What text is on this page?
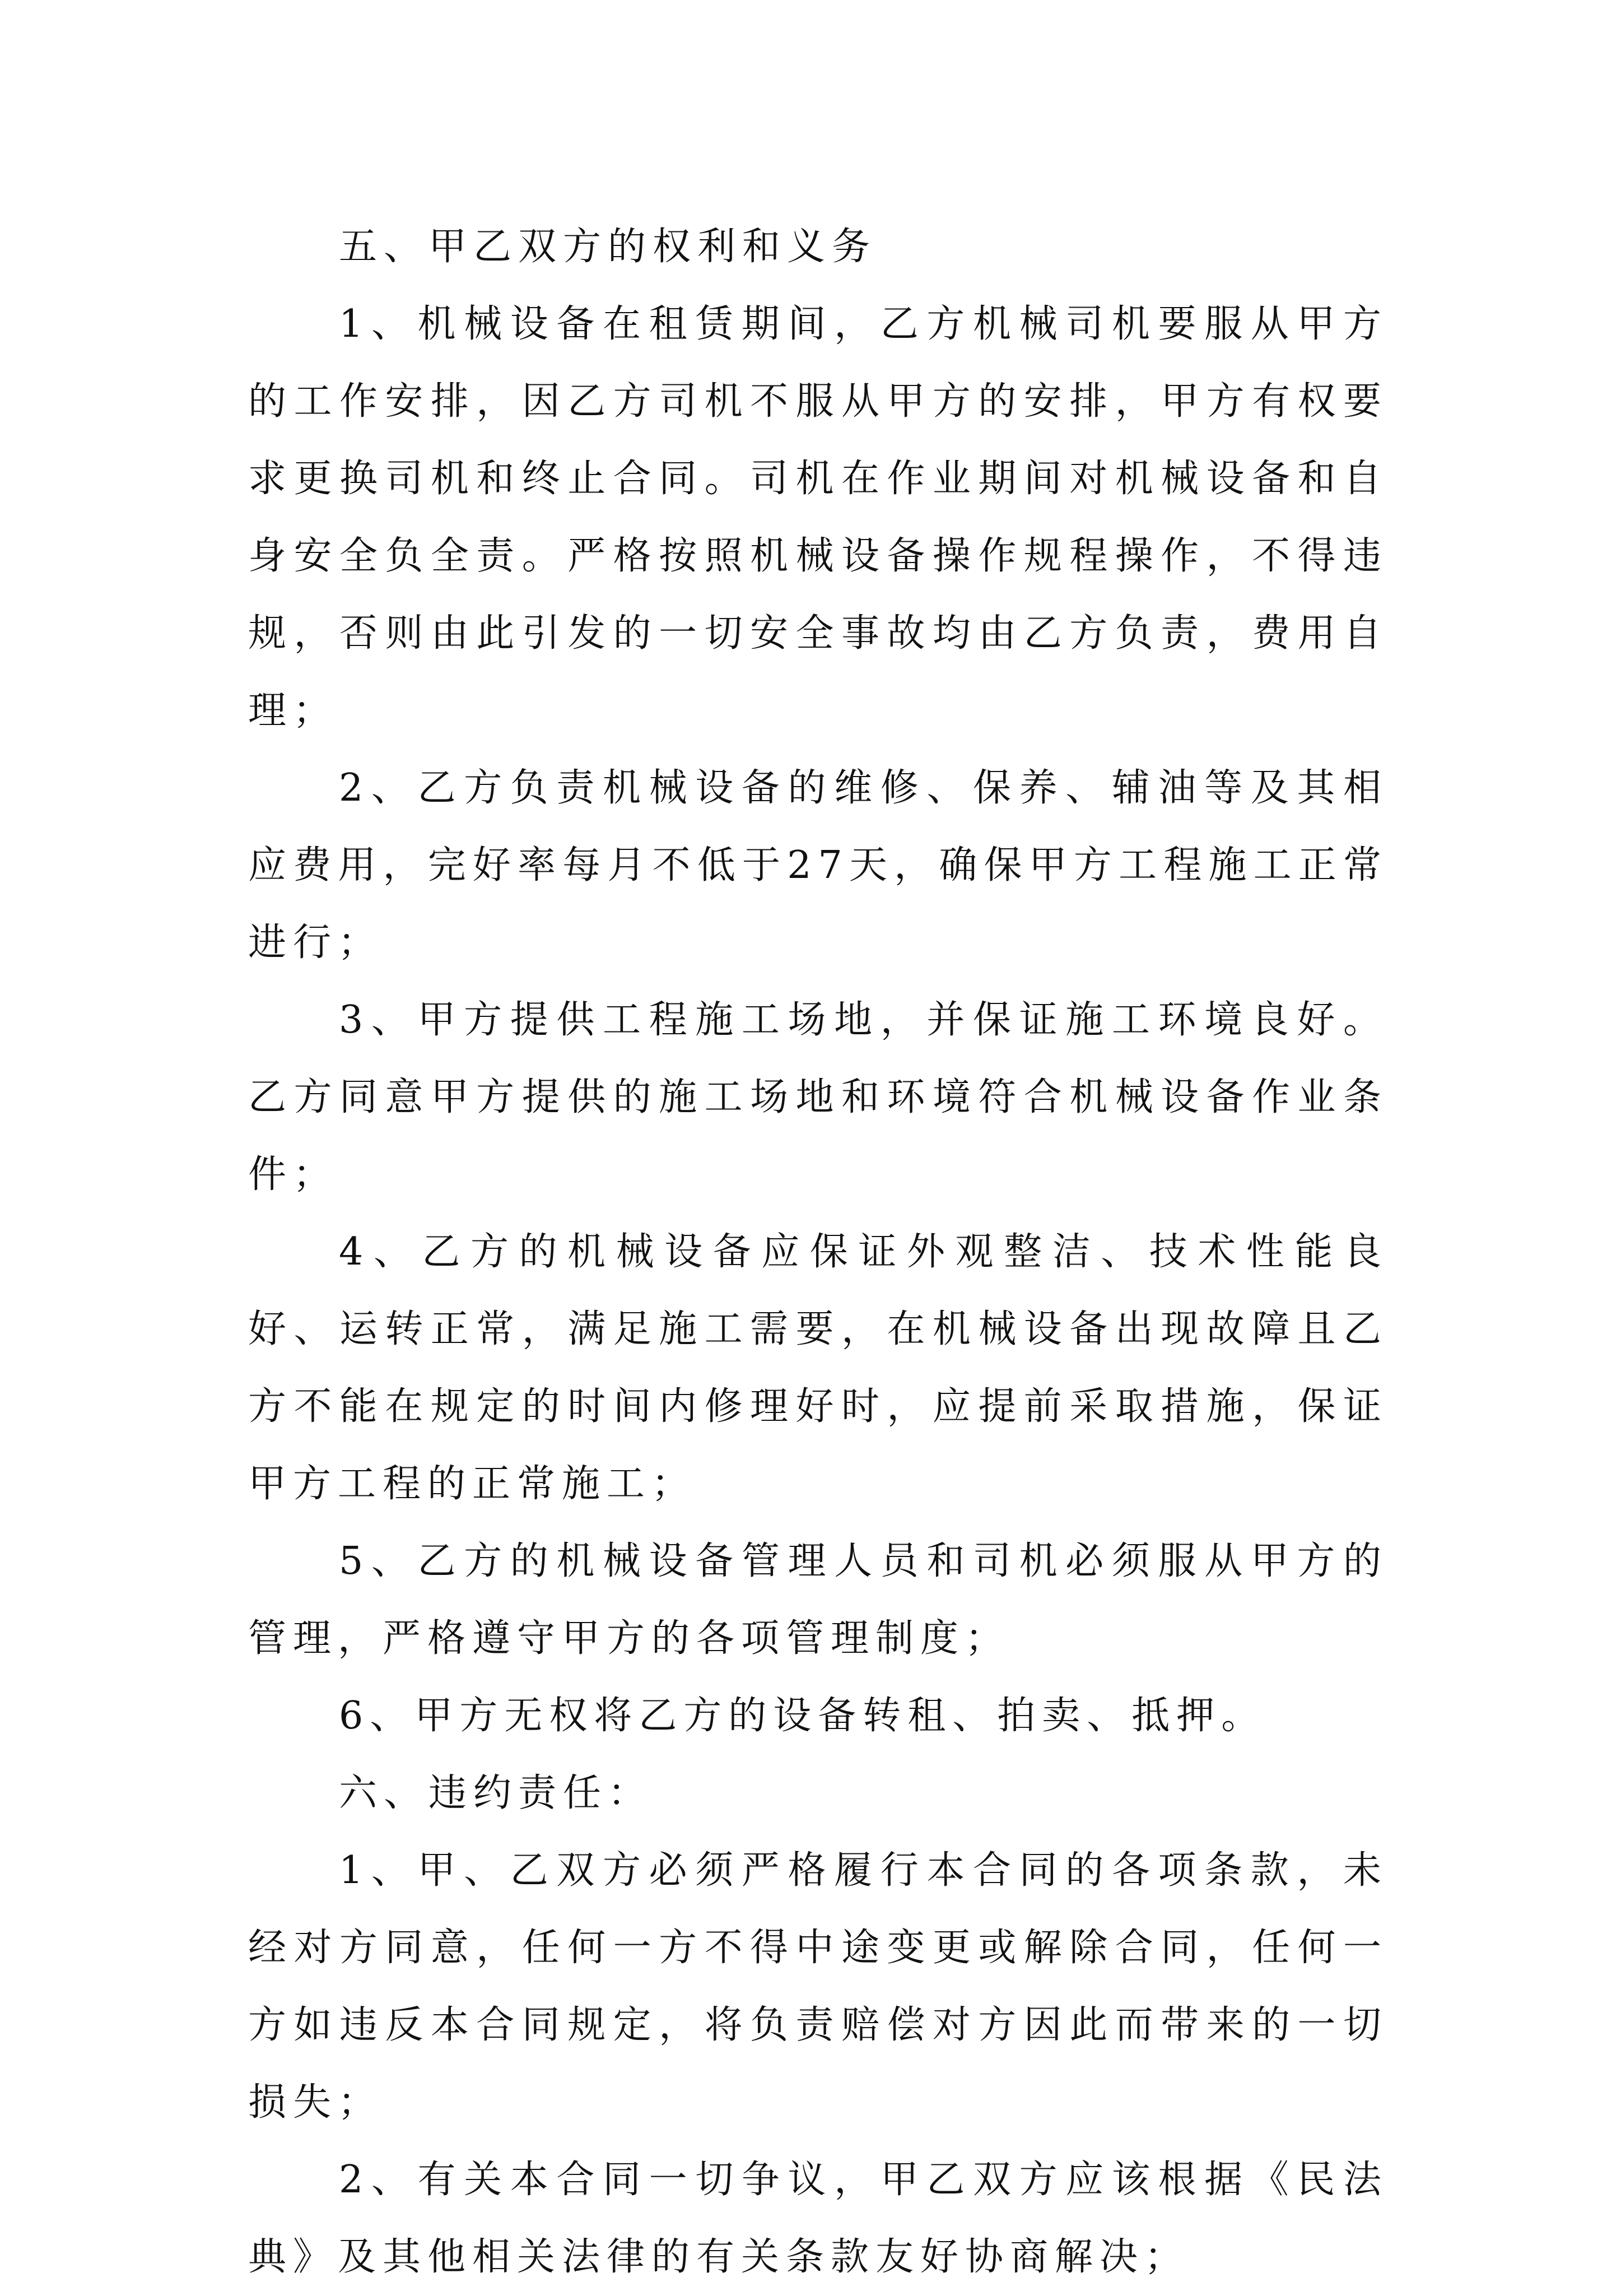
五、甲乙双方的权利和义务

1、机械设备在租赁期间，乙方机械司机要服从甲方的工作安排，因乙方司机不服从甲方的安排，甲方有权要求更换司机和终止合同。司机在作业期间对机械设备和自身安全负全责。严格按照机械设备操作规程操作，不得违规，否则由此引发的一切安全事故均由乙方负责，费用自理；

2、乙方负责机械设备的维修、保养、辅油等及其相应费用，完好率每月不低于27天，确保甲方工程施工正常进行；

3、甲方提供工程施工场地，并保证施工环境良好。乙方同意甲方提供的施工场地和环境符合机械设备作业条件；

4、乙方的机械设备应保证外观整洁、技术性能良好、运转正常，满足施工需要，在机械设备出现故障且乙方不能在规定的时间内修理好时，应提前采取措施，保证甲方工程的正常施工；

5、乙方的机械设备管理人员和司机必须服从甲方的管理，严格遵守甲方的各项管理制度；

6、甲方无权将乙方的设备转租、拍卖、抵押。

六、违约责任：

1、甲、乙双方必须严格履行本合同的各项条款，未经对方同意，任何一方不得中途变更或解除合同，任何一方如违反本合同规定，将负责赔偿对方因此而带来的一切损失；

2、有关本合同一切争议，甲乙双方应该根据《民法典》及其他相关法律的有关条款友好协商解决；
